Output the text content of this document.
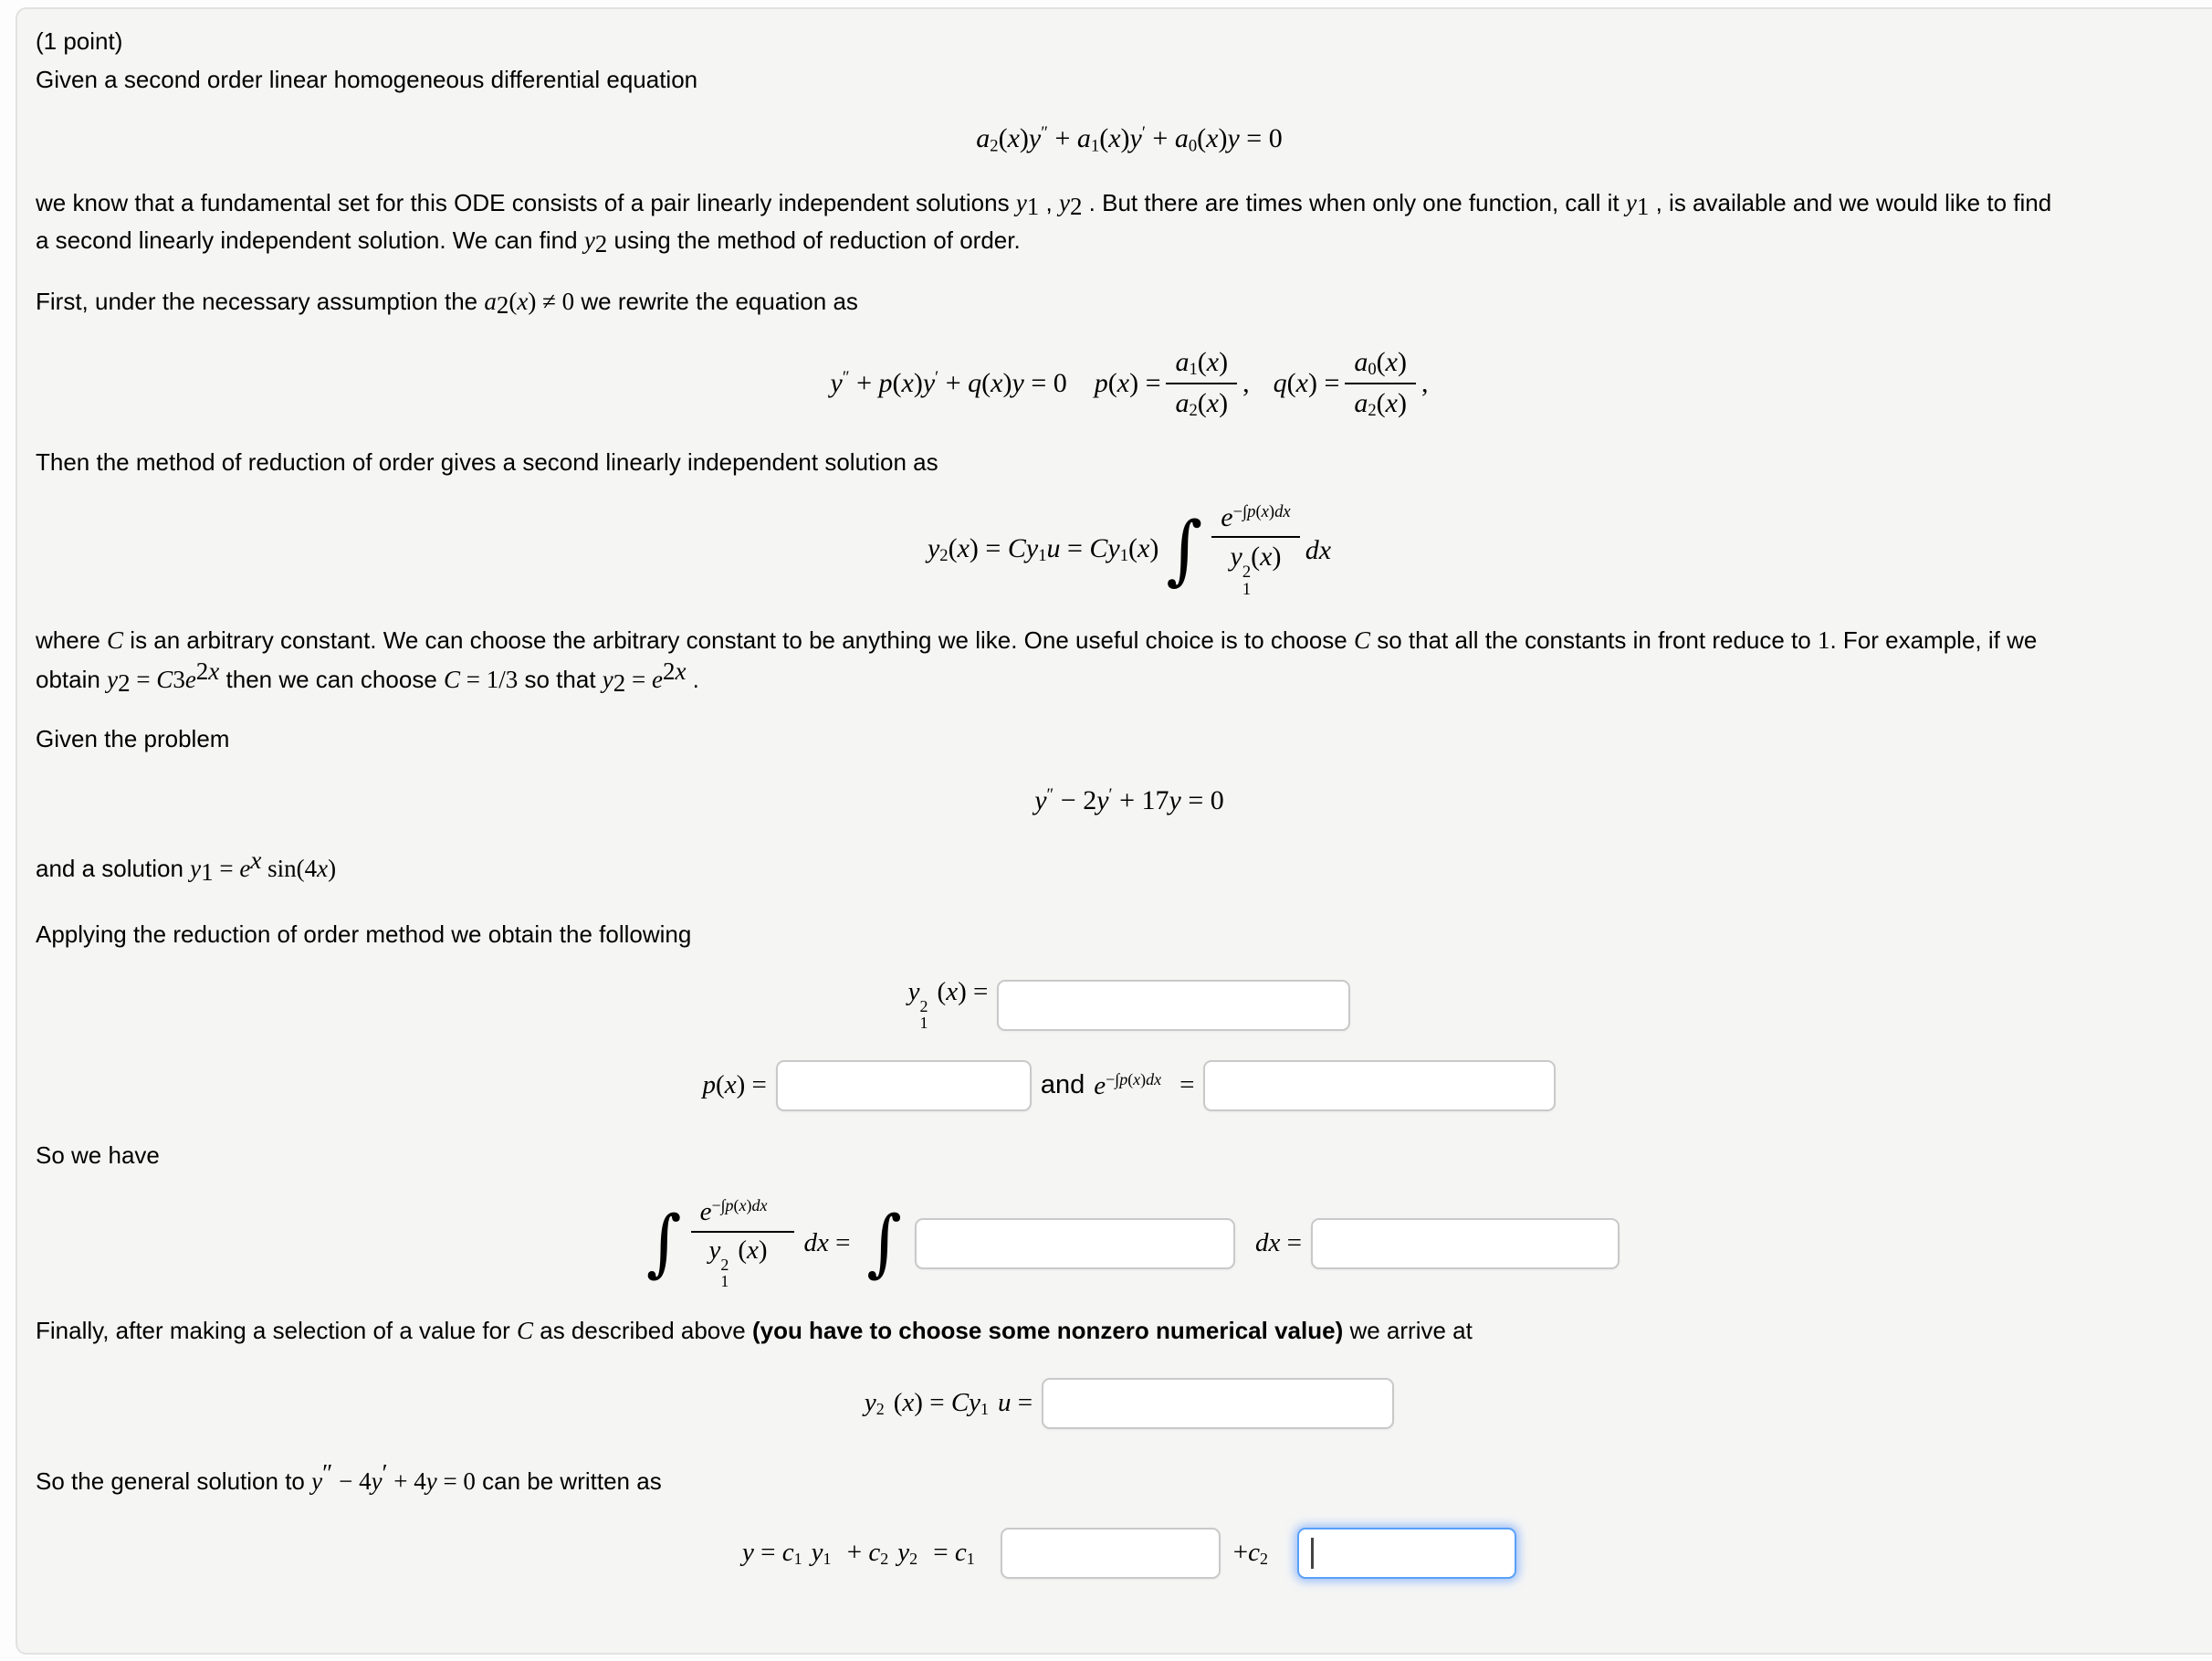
(1 point)
Given a second order linear homogeneous differential equation
$a_2(x)y'' + a_1(x)y' + a_0(x)y = 0$
we know that a fundamental set for this ODE consists of a pair linearly independent solutions $y_1$ , $y_2$ . But there are times when only one function, call it $y_1$ , is available and we would like to find
a second linearly independent solution. We can find $y_2$ using the method of reduction of order.
First, under the necessary assumption the $a_2(x) \ne 0$ we rewrite the equation as
y″ + p(x)y′ + q(x)y = 0 $p(x) = \frac{a_1(x)}{a_2(x)}$ , $q(x) = \frac{a_0(x)}{a_2(x)}$ ,
Then the method of reduction of order gives a second linearly independent solution as
$y_2(x) = Cy_1u = Cy_1(x)$ ∫ $e^{-\int p(x)dx}$
y
2
1
(x) dx
where C is an arbitrary constant. We can choose the arbitrary constant to be anything we like. One useful choice is to choose C so that all the constants in front reduce to 1. For example, if we
obtain $y_2 = C3e^{2x}$ then we can choose C = 1/3 so that $y_2 = e^{2x}$ .
Given the problem
y″ − 2y′ + 17y = 0
and a solution $y_1 = e^x$ sin(4x)
Applying the reduction of order method we obtain the following
y
2
1
(x) =
p(x) =	and $e^{-\int p(x)dx}$ =
So we have
∫ $e^{-\int p(x)dx}$
y
2
1
(x) dx = ∫	dx =
Finally, after making a selection of a value for C as described above (you have to choose some nonzero numerical value) we arrive at
$y_2$ $(x) = Cy_1$ u =
So the general solution to y″ − 4y′ + 4y = 0 can be written as
$y = c_1$ $y_1 + c_2$ $y_2 = c_1$	$+c_2$
